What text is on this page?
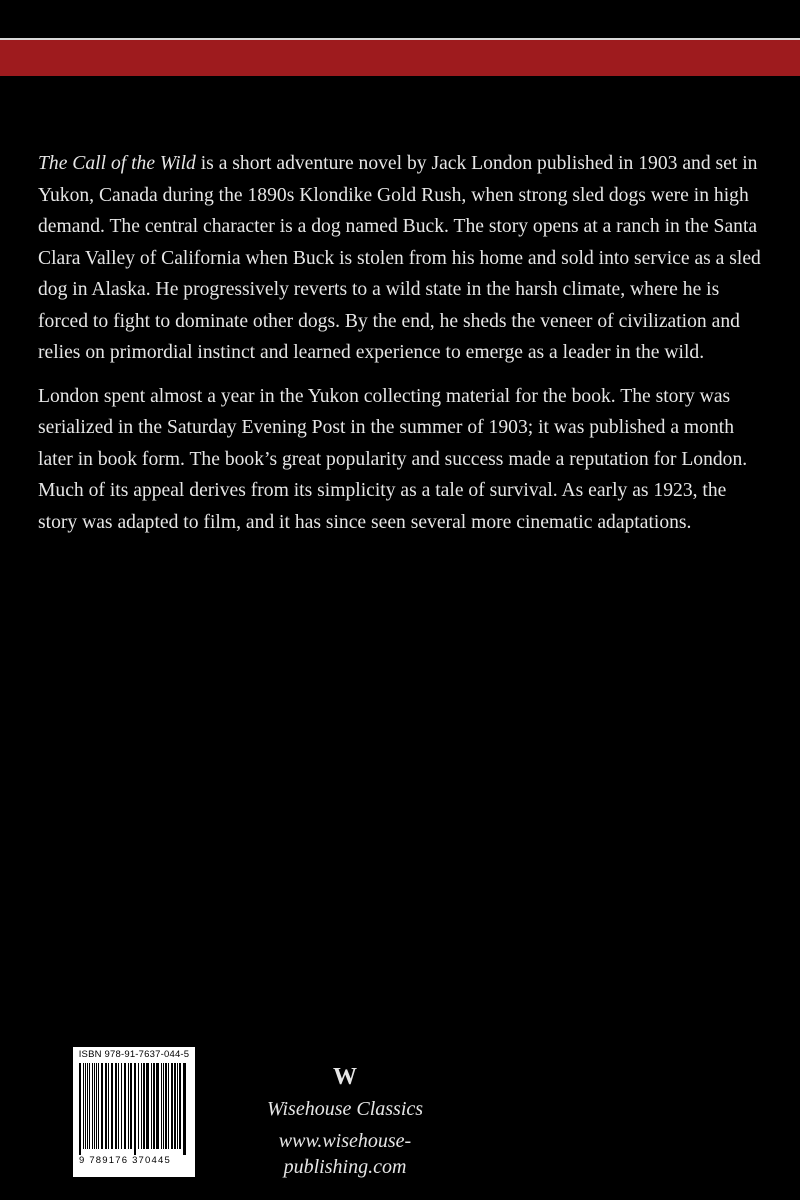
The Call of the Wild is a short adventure novel by Jack London published in 1903 and set in Yukon, Canada during the 1890s Klondike Gold Rush, when strong sled dogs were in high demand. The central character is a dog named Buck. The story opens at a ranch in the Santa Clara Valley of California when Buck is stolen from his home and sold into service as a sled dog in Alaska. He progressively reverts to a wild state in the harsh climate, where he is forced to fight to dominate other dogs. By the end, he sheds the veneer of civilization and relies on primordial instinct and learned experience to emerge as a leader in the wild.

London spent almost a year in the Yukon collecting material for the book. The story was serialized in the Saturday Evening Post in the summer of 1903; it was published a month later in book form. The book’s great popularity and success made a reputation for London. Much of its appeal derives from its simplicity as a tale of survival. As early as 1923, the story was adapted to film, and it has since seen several more cinematic adaptations.

ISBN 978-91-7637-044-5
9 789176 370445
W
Wisehouse Classics
www.wisehouse-publishing.com
